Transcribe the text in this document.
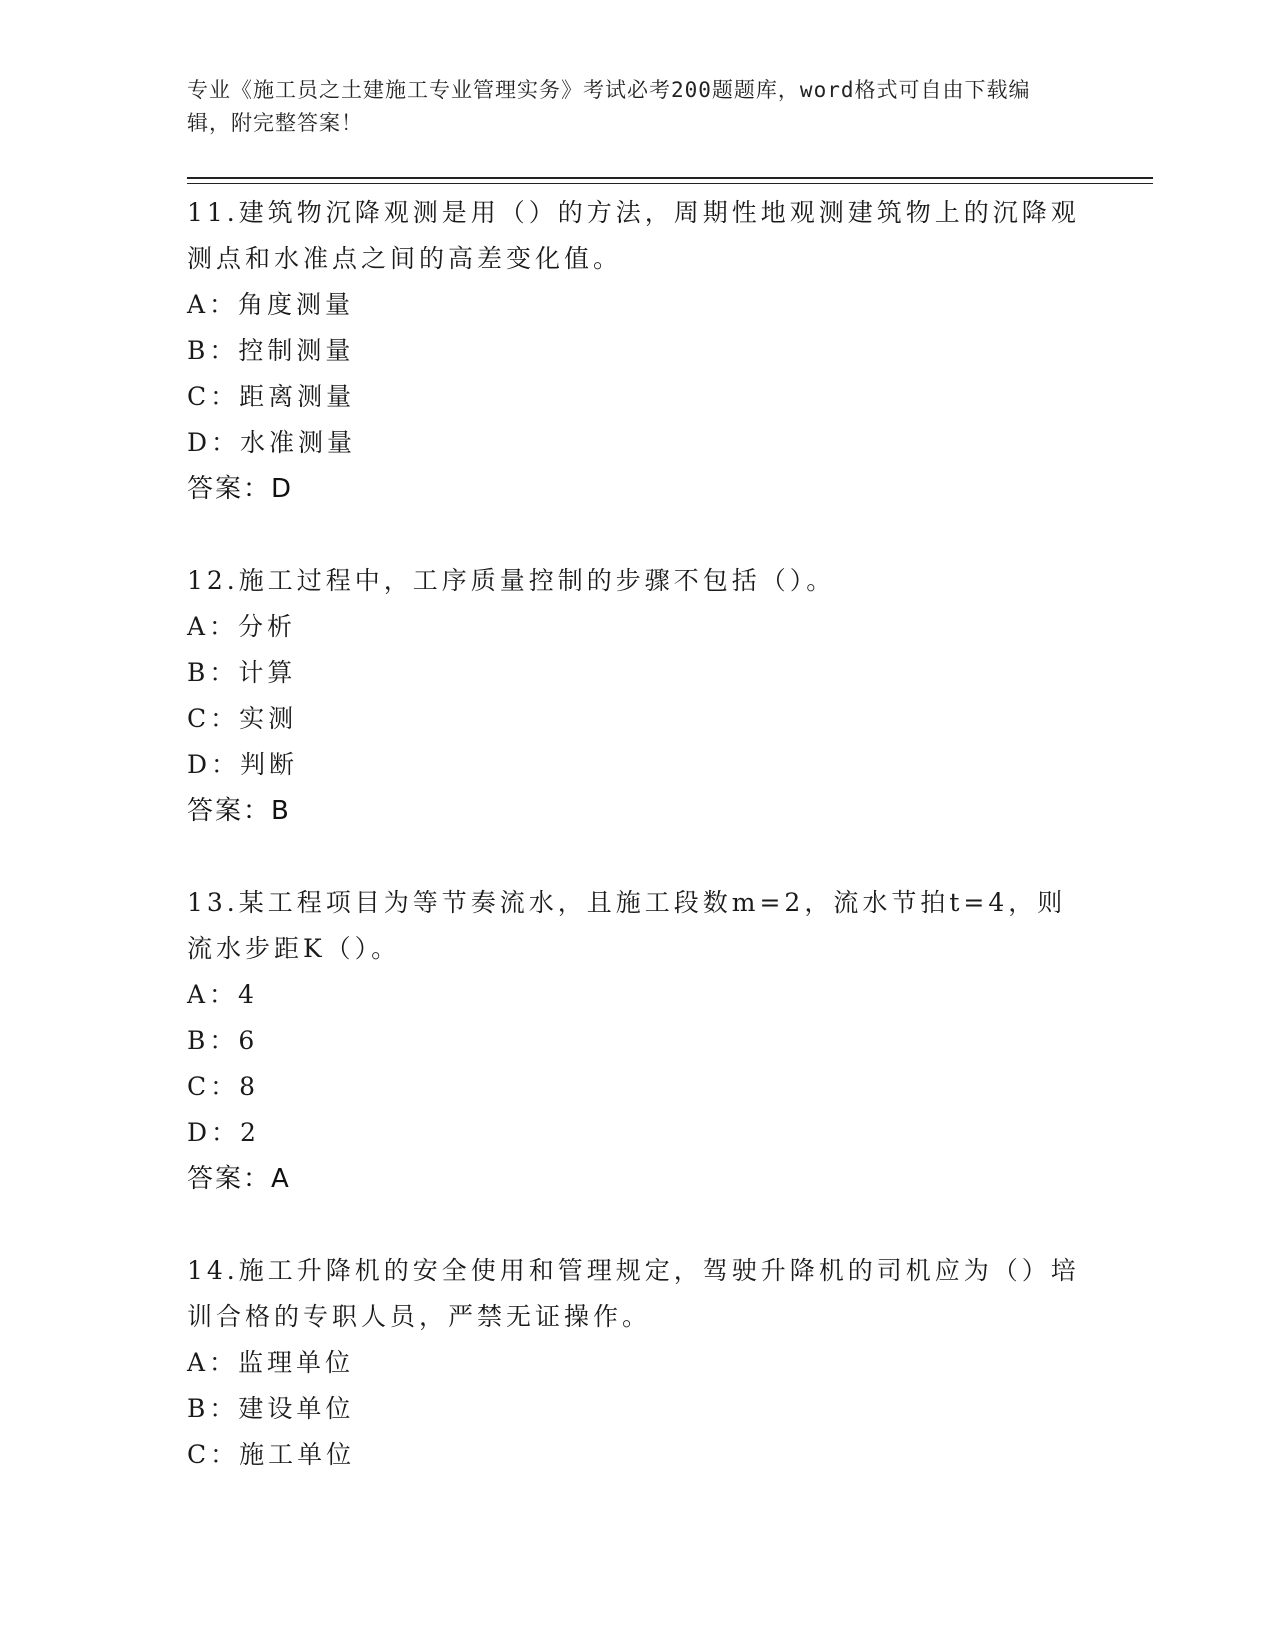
专业《施工员之土建施工专业管理实务》考试必考200题题库，word格式可自由下载编辑，附完整答案！

11.建筑物沉降观测是用（）的方法，周期性地观测建筑物上的沉降观测点和水准点之间的高差变化值。

A：角度测量

B：控制测量

C：距离测量

D：水准测量

答案：D

12.施工过程中，工序质量控制的步骤不包括（）。

A：分析

B：计算

C：实测

D：判断

答案：B

13.某工程项目为等节奏流水，且施工段数m=2，流水节拍t=4，则流水步距K（）。

A：4

B：6

C：8

D：2

答案：A

14.施工升降机的安全使用和管理规定，驾驶升降机的司机应为（）培训合格的专职人员，严禁无证操作。

A：监理单位

B：建设单位

C：施工单位
